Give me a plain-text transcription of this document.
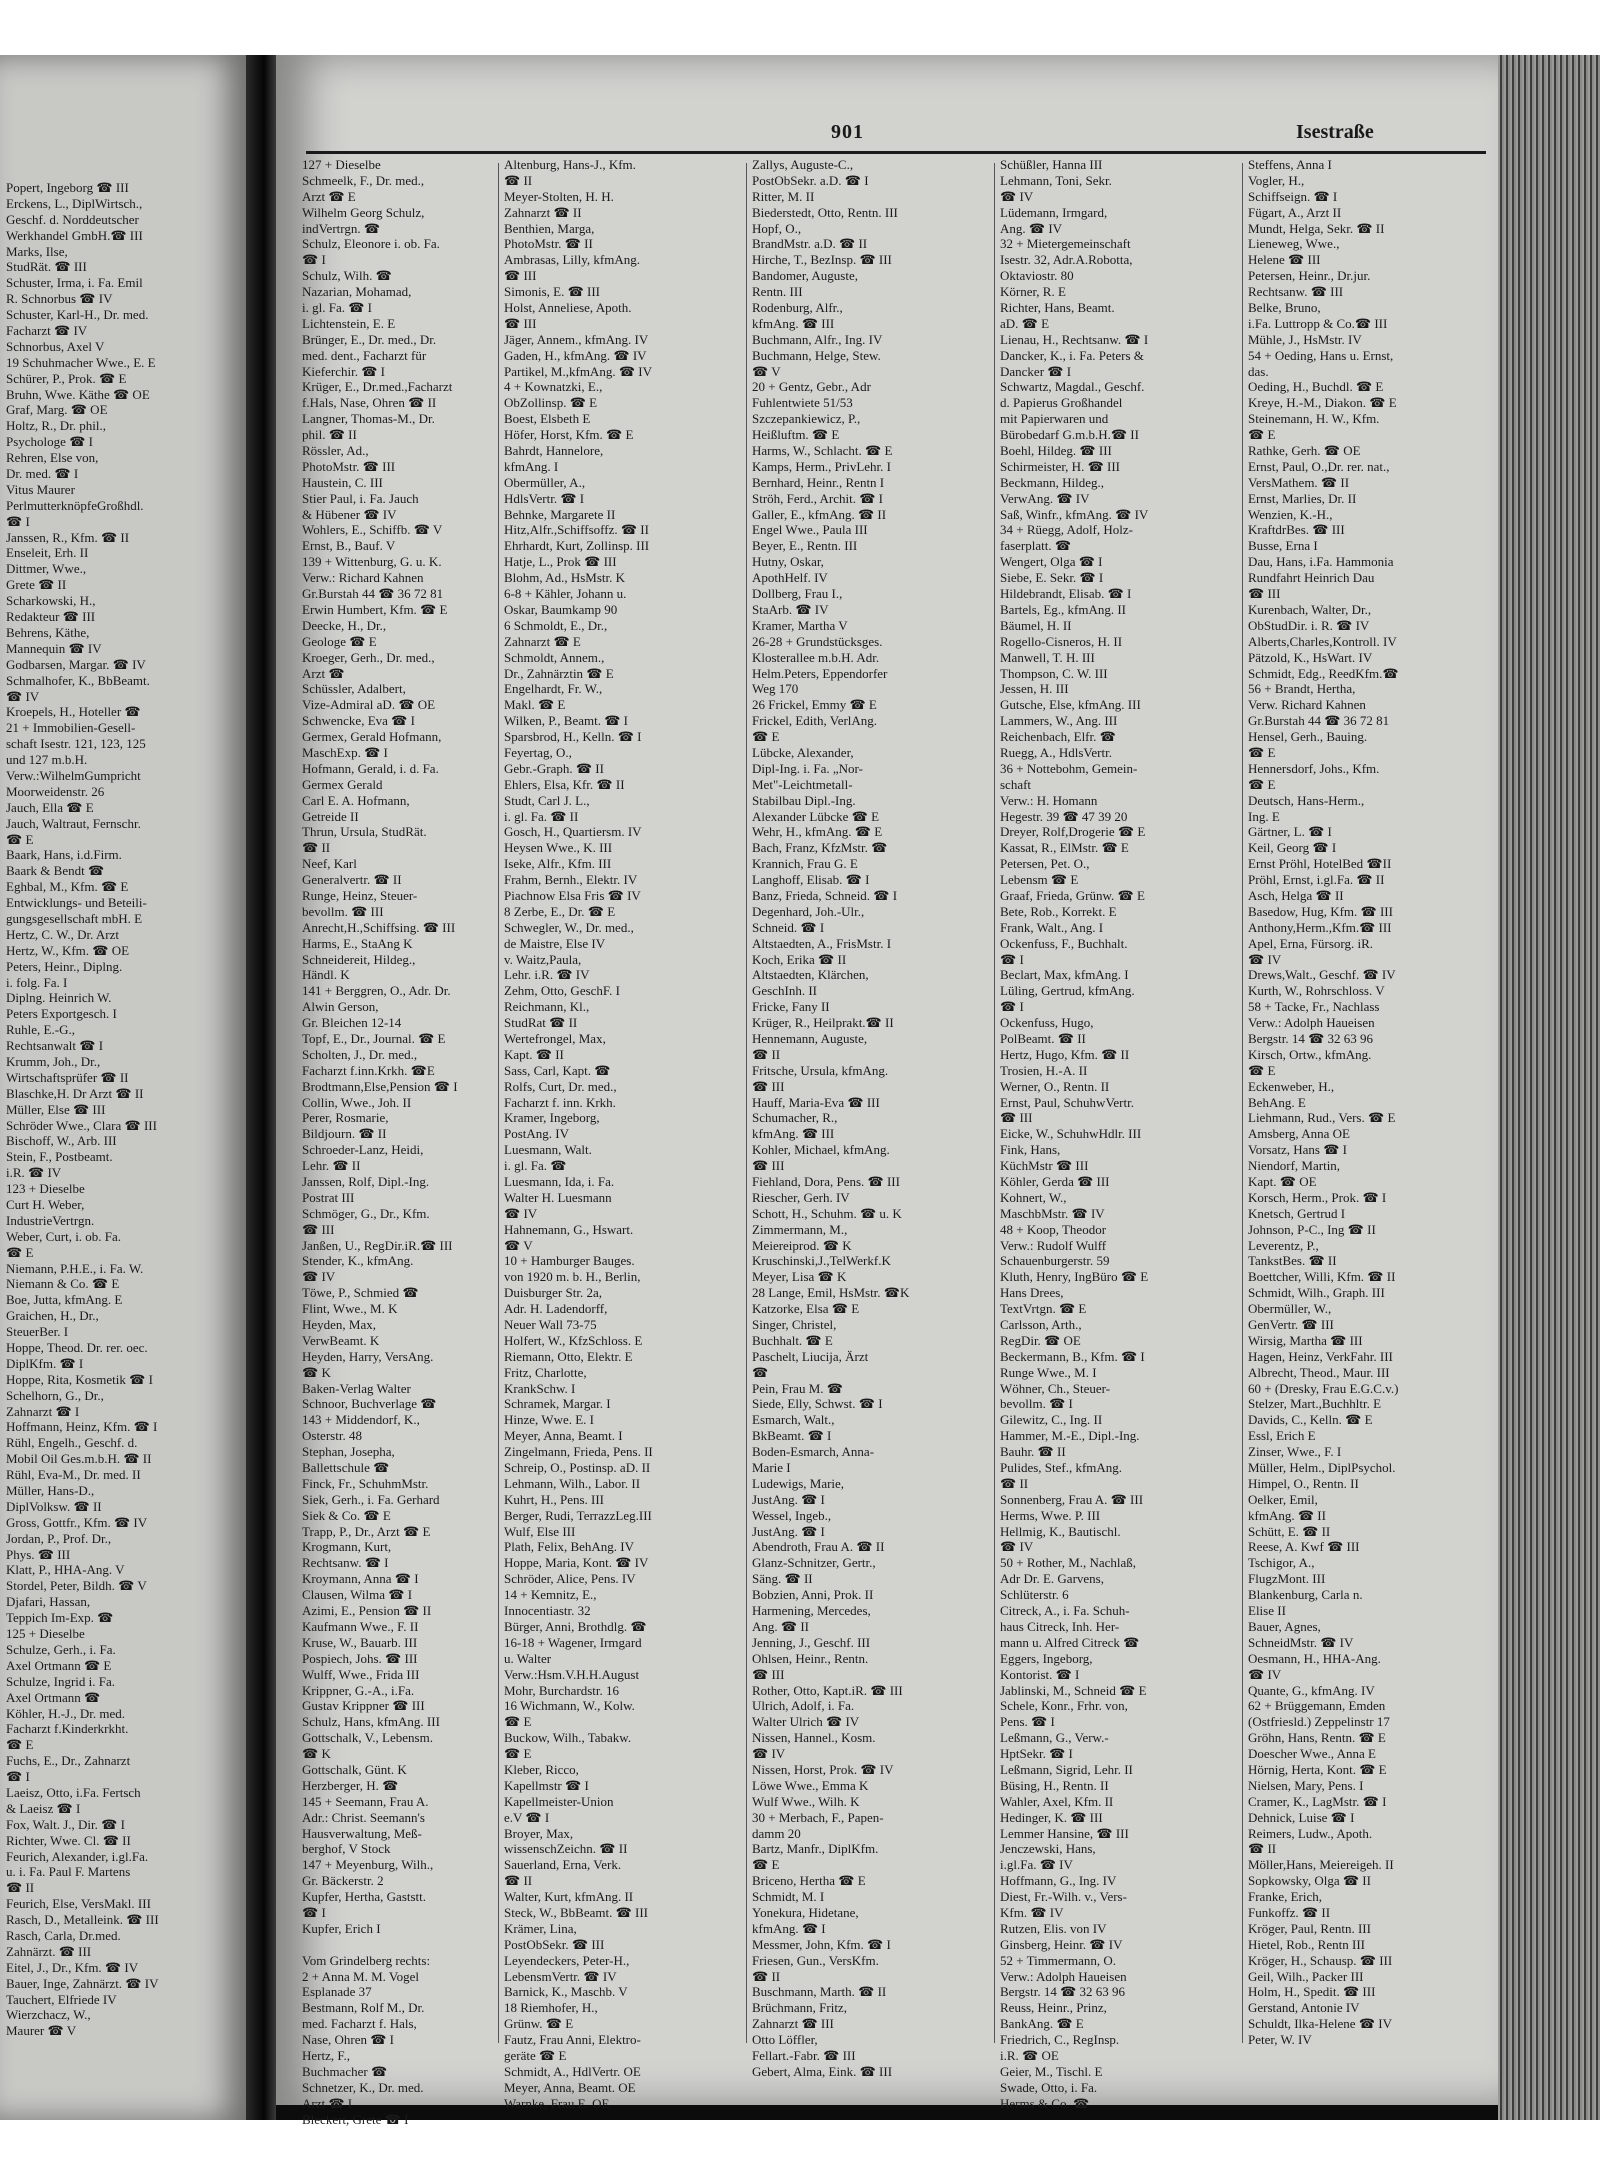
Popert, Ingeborg ☎ III
Erckens, L., DiplWirtsch.,
Geschf. d. Norddeutscher
Werkhandel GmbH.☎ III
Marks, Ilse,
StudRät. ☎ III
Schuster, Irma, i. Fa. Emil
R. Schnorbus ☎ IV
Schuster, Karl-H., Dr. med.
Facharzt ☎ IV
Schnorbus, Axel V
19 Schuhmacher Wwe., E. E
Schürer, P., Prok. ☎ E
Bruhn, Wwe. Käthe ☎ OE
Graf, Marg. ☎ OE
Holtz, R., Dr. phil.,
Psychologe ☎ I
Rehren, Else von,
Dr. med. ☎ I
Vitus Maurer
PerlmutterknöpfeGroßhdl.
☎ I
Janssen, R., Kfm. ☎ II
Enseleit, Erh. II
Dittmer, Wwe.,
Grete ☎ II
Scharkowski, H.,
Redakteur ☎ III
Behrens, Käthe,
Mannequin ☎ IV
Godbarsen, Margar. ☎ IV
Schmalhofer, K., BbBeamt.
☎ IV
Kroepels, H., Hoteller ☎
21 + Immobilien-Gesell-
schaft Isestr. 121, 123, 125
und 127 m.b.H.
Verw.:WilhelmGumpricht
Moorweidenstr. 26
Jauch, Ella ☎ E
Jauch, Waltraut, Fernschr.
☎ E
Baark, Hans, i.d.Firm.
Baark & Bendt ☎
Eghbal, M., Kfm. ☎ E
Entwicklungs- und Beteili-
gungsgesellschaft mbH. E
Hertz, C. W., Dr. Arzt
Hertz, W., Kfm. ☎ OE
Peters, Heinr., Diplng.
i. folg. Fa. I
Diplng. Heinrich W.
Peters Exportgesch. I
Ruhle, E.-G.,
Rechtsanwalt ☎ I
Krumm, Joh., Dr.,
Wirtschaftsprüfer ☎ II
Blaschke,H. Dr Arzt ☎ II
Müller, Else ☎ III
Schröder Wwe., Clara ☎ III
Bischoff, W., Arb. III
Stein, F., Postbeamt.
i.R. ☎ IV
123 + Dieselbe
Curt H. Weber,
IndustrieVertrgn.
Weber, Curt, i. ob. Fa.
☎ E
Niemann, P.H.E., i. Fa. W.
Niemann & Co. ☎ E
Boe, Jutta, kfmAng. E
Graichen, H., Dr.,
SteuerBer. I
Hoppe, Theod. Dr. rer. oec.
DiplKfm. ☎ I
Hoppe, Rita, Kosmetik ☎ I
Schelhorn, G., Dr.,
Zahnarzt ☎ I
Hoffmann, Heinz, Kfm. ☎ I
Rühl, Engelh., Geschf. d.
Mobil Oil Ges.m.b.H. ☎ II
Rühl, Eva-M., Dr. med. II
Müller, Hans-D.,
DiplVolksw. ☎ II
Gross, Gottfr., Kfm. ☎ IV
Jordan, P., Prof. Dr.,
Phys. ☎ III
Klatt, P., HHA-Ang. V
Stordel, Peter, Bildh. ☎ V
Djafari, Hassan,
Teppich Im-Exp. ☎
125 + Dieselbe
Schulze, Gerh., i. Fa.
Axel Ortmann ☎ E
Schulze, Ingrid i. Fa.
Axel Ortmann ☎
Köhler, H.-J., Dr. med.
Facharzt f.Kinderkrkht.
☎ E
Fuchs, E., Dr., Zahnarzt
☎ I
Laeisz, Otto, i.Fa. Fertsch
& Laeisz ☎ I
Fox, Walt. J., Dir. ☎ I
Richter, Wwe. Cl. ☎ II
Feurich, Alexander, i.gl.Fa.
u. i. Fa. Paul F. Martens
☎ II
Feurich, Else, VersMakl. III
Rasch, D., Metalleink. ☎ III
Rasch, Carla, Dr.med.
Zahnärzt. ☎ III
Eitel, J., Dr., Kfm. ☎ IV
Bauer, Inge, Zahnärzt. ☎ IV
Tauchert, Elfriede IV
Wierzchacz, W.,
Maurer ☎ V
901	Isestraße
127 + Dieselbe
Schmeelk, F., Dr. med.,
Arzt ☎ E
Wilhelm Georg Schulz,
indVertrgn. ☎
Schulz, Eleonore i. ob. Fa.
☎ I
Schulz, Wilh. ☎
Nazarian, Mohamad,
i. gl. Fa. ☎ I
Lichtenstein, E. E
Brünger, E., Dr. med., Dr.
med. dent., Facharzt für
Kieferchir. ☎ I
Krüger, E., Dr.med.,Facharzt
f.Hals, Nase, Ohren ☎ II
Langner, Thomas-M., Dr.
phil. ☎ II
Rössler, Ad.,
PhotoMstr. ☎ III
Haustein, C. III
Stier Paul, i. Fa. Jauch
& Hübener ☎ IV
Wohlers, E., Schiffb. ☎ V
Ernst, B., Bauf. V
139 + Wittenburg, G. u. K.
Verw.: Richard Kahnen
Gr.Burstah 44 ☎ 36 72 81
Erwin Humbert, Kfm. ☎ E
Deecke, H., Dr.,
Geologe ☎ E
Kroeger, Gerh., Dr. med.,
Arzt ☎
Schüssler, Adalbert,
Vize-Admiral aD. ☎ OE
Schwencke, Eva ☎ I
Germex, Gerald Hofmann,
MaschExp. ☎ I
Hofmann, Gerald, i. d. Fa.
Germex Gerald
Carl E. A. Hofmann,
Getreide II
Thrun, Ursula, StudRät.
☎ II
Neef, Karl
Generalvertr. ☎ II
Runge, Heinz, Steuer-
bevollm. ☎ III
Anrecht,H.,Schiffsing. ☎ III
Harms, E., StaAng K
Schneidereit, Hildeg.,
Händl. K
141 + Berggren, O., Adr. Dr.
Alwin Gerson,
Gr. Bleichen 12-14
Topf, E., Dr., Journal. ☎ E
Scholten, J., Dr. med.,
Facharzt f.inn.Krkh. ☎E
Brodtmann,Else,Pension ☎ I
Collin, Wwe., Joh. II
Perer, Rosmarie,
Bildjourn. ☎ II
Schroeder-Lanz, Heidi,
Lehr. ☎ II
Janssen, Rolf, Dipl.-Ing.
Postrat III
Schmöger, G., Dr., Kfm.
☎ III
Janßen, U., RegDir.iR.☎ III
Stender, K., kfmAng.
☎ IV
Töwe, P., Schmied ☎
Flint, Wwe., M. K
Heyden, Max,
VerwBeamt. K
Heyden, Harry, VersAng.
☎ K
Baken-Verlag Walter
Schnoor, Buchverlage ☎
143 + Middendorf, K.,
Osterstr. 48
Stephan, Josepha,
Ballettschule ☎
Finck, Fr., SchuhmMstr.
Siek, Gerh., i. Fa. Gerhard
Siek & Co. ☎ E
Trapp, P., Dr., Arzt ☎ E
Krogmann, Kurt,
Rechtsanw. ☎ I
Kroymann, Anna ☎ I
Clausen, Wilma ☎ I
Azimi, E., Pension ☎ II
Kaufmann Wwe., F. II
Kruse, W., Bauarb. III
Pospiech, Johs. ☎ III
Wulff, Wwe., Frida III
Krippner, G.-A., i.Fa.
Gustav Krippner ☎ III
Schulz, Hans, kfmAng. III
Gottschalk, V., Lebensm.
☎ K
Gottschalk, Günt. K
Herzberger, H. ☎
145 + Seemann, Frau A.
Adr.: Christ. Seemann's
Hausverwaltung, Meß-
berghof, V Stock
147 + Meyenburg, Wilh.,
Gr. Bäckerstr. 2
Kupfer, Hertha, Gaststt.
☎ I
Kupfer, Erich I
Vom Grindelberg rechts:
2 + Anna M. M. Vogel
Esplanade 37
Bestmann, Rolf M., Dr.
med. Facharzt f. Hals,
Nase, Ohren ☎ I
Hertz, F.,
Buchmacher ☎
Schnetzer, K., Dr. med.
Arzt ☎ I
Bleckert, Grete ☎ I
Altenburg, Hans-J., Kfm.
☎ II
Meyer-Stolten, H. H.
Zahnarzt ☎ II
Benthien, Marga,
PhotoMstr. ☎ II
Ambrasas, Lilly, kfmAng.
☎ III
Simonis, E. ☎ III
Holst, Anneliese, Apoth.
☎ III
Jäger, Annem., kfmAng. IV
Gaden, H., kfmAng. ☎ IV
Partikel, M.,kfmAng. ☎ IV
4 + Kownatzki, E.,
ObZollinsp. ☎ E
Boest, Elsbeth E
Höfer, Horst, Kfm. ☎ E
Bahrdt, Hannelore,
kfmAng. I
Obermüller, A.,
HdlsVertr. ☎ I
Behnke, Margarete II
Hitz,Alfr.,Schiffsoffz. ☎ II
Ehrhardt, Kurt, Zollinsp. III
Hatje, L., Prok ☎ III
Blohm, Ad., HsMstr. K
6-8 + Kähler, Johann u.
Oskar, Baumkamp 90
6 Schmoldt, E., Dr.,
Zahnarzt ☎ E
Schmoldt, Annem.,
Dr., Zahnärztin ☎ E
Engelhardt, Fr. W.,
Makl. ☎ E
Wilken, P., Beamt. ☎ I
Sparsbrod, H., Kelln. ☎ I
Feyertag, O.,
Gebr.-Graph. ☎ II
Ehlers, Elsa, Kfr. ☎ II
Studt, Carl J. L.,
i. gl. Fa. ☎ II
Gosch, H., Quartiersm. IV
Heysen Wwe., K. III
Iseke, Alfr., Kfm. III
Frahm, Bernh., Elektr. IV
Piachnow Elsa Fris ☎ IV
8 Zerbe, E., Dr. ☎ E
Schwegler, W., Dr. med.,
de Maistre, Else IV
v. Waitz,Paula,
Lehr. i.R. ☎ IV
Zehm, Otto, GeschF. I
Reichmann, Kl.,
StudRat ☎ II
Wertefrongel, Max,
Kapt. ☎ II
Sass, Carl, Kapt. ☎
Rolfs, Curt, Dr. med.,
Facharzt f. inn. Krkh.
Kramer, Ingeborg,
PostAng. IV
Luesmann, Walt.
i. gl. Fa. ☎
Luesmann, Ida, i. Fa.
Walter H. Luesmann
☎ IV
Hahnemann, G., Hswart.
☎ V
10 + Hamburger Bauges.
von 1920 m. b. H., Berlin,
Duisburger Str. 2a,
Adr. H. Ladendorff,
Neuer Wall 73-75
Holfert, W., KfzSchloss. E
Riemann, Otto, Elektr. E
Fritz, Charlotte,
KrankSchw. I
Schramek, Margar. I
Hinze, Wwe. E. I
Meyer, Anna, Beamt. I
Zingelmann, Frieda, Pens. II
Schreip, O., Postinsp. aD. II
Lehmann, Wilh., Labor. II
Kuhrt, H., Pens. III
Berger, Rudi, TerrazzLeg.III
Wulf, Else III
Plath, Felix, BehAng. IV
Hoppe, Maria, Kont. ☎ IV
Schröder, Alice, Pens. IV
14 + Kemnitz, E.,
Innocentiastr. 32
Bürger, Anni, Brothdlg. ☎
16-18 + Wagener, Irmgard
u. Walter
Verw.:Hsm.V.H.H.August
Mohr, Burchardstr. 16
16 Wichmann, W., Kolw.
☎ E
Buckow, Wilh., Tabakw.
☎ E
Kleber, Ricco,
Kapellmstr ☎ I
Kapellmeister-Union
e.V ☎ I
Broyer, Max,
wissenschZeichn. ☎ II
Sauerland, Erna, Verk.
☎ II
Walter, Kurt, kfmAng. II
Steck, W., BbBeamt. ☎ III
Krämer, Lina,
PostObSekr. ☎ III
Leyendeckers, Peter-H.,
LebensmVertr. ☎ IV
Barnick, K., Maschb. V
18 Riemhofer, H.,
Grünw. ☎ E
Fautz, Frau Anni, Elektro-
geräte ☎ E
Schmidt, A., HdlVertr. OE
Meyer, Anna, Beamt. OE
Warnke, Frau E. OE
Zallys, Auguste-C.,
PostObSekr. a.D. ☎ I
Ritter, M. II
Biederstedt, Otto, Rentn. III
Hopf, O.,
BrandMstr. a.D. ☎ II
Hirche, T., BezInsp. ☎ III
Bandomer, Auguste,
Rentn. III
Rodenburg, Alfr.,
kfmAng. ☎ III
Buchmann, Alfr., Ing. IV
Buchmann, Helge, Stew.
☎ V
20 + Gentz, Gebr., Adr
Fuhlentwiete 51/53
Szczepankiewicz, P.,
Heißluftm. ☎ E
Harms, W., Schlacht. ☎ E
Kamps, Herm., PrivLehr. I
Bernhard, Heinr., Rentn I
Ströh, Ferd., Archit. ☎ I
Galler, E., kfmAng. ☎ II
Engel Wwe., Paula III
Beyer, E., Rentn. III
Hutny, Oskar,
ApothHelf. IV
Dollberg, Frau I.,
StaArb. ☎ IV
Kramer, Martha V
26-28 + Grundstücksges.
Klosterallee m.b.H. Adr.
Helm.Peters, Eppendorfer
Weg 170
26 Frickel, Emmy ☎ E
Frickel, Edith, VerlAng.
☎ E
Lübcke, Alexander,
Dipl-Ing. i. Fa. „Nor-
Met"-Leichtmetall-
Stabilbau Dipl.-Ing.
Alexander Lübcke ☎ E
Wehr, H., kfmAng. ☎ E
Bach, Franz, KfzMstr. ☎
Krannich, Frau G. E
Langhoff, Elisab. ☎ I
Banz, Frieda, Schneid. ☎ I
Degenhard, Joh.-Ulr.,
Schneid. ☎ I
Altstaedten, A., FrisMstr. I
Koch, Erika ☎ II
Altstaedten, Klärchen,
GeschInh. II
Fricke, Fany II
Krüger, R., Heilprakt.☎ II
Hennemann, Auguste,
☎ II
Fritsche, Ursula, kfmAng.
☎ III
Hauff, Maria-Eva ☎ III
Schumacher, R.,
kfmAng. ☎ III
Kohler, Michael, kfmAng.
☎ III
Fiehland, Dora, Pens. ☎ III
Riescher, Gerh. IV
Schott, H., Schuhm. ☎ u. K
Zimmermann, M.,
Meiereiprod. ☎ K
Kruschinski,J.,TelWerkf.K
Meyer, Lisa ☎ K
28 Lange, Emil, HsMstr. ☎K
Katzorke, Elsa ☎ E
Singer, Christel,
Buchhalt. ☎ E
Paschelt, Liucija, Ärzt
☎
Pein, Frau M. ☎
Siede, Elly, Schwst. ☎ I
Esmarch, Walt.,
BkBeamt. ☎ I
Boden-Esmarch, Anna-
Marie I
Ludewigs, Marie,
JustAng. ☎ I
Wessel, Ingeb.,
JustAng. ☎ I
Abendroth, Frau A. ☎ II
Glanz-Schnitzer, Gertr.,
Säng. ☎ II
Bobzien, Anni, Prok. II
Harmening, Mercedes,
Ang. ☎ II
Jenning, J., Geschf. III
Ohlsen, Heinr., Rentn.
☎ III
Rother, Otto, Kapt.iR. ☎ III
Ulrich, Adolf, i. Fa.
Walter Ulrich ☎ IV
Nissen, Hannel., Kosm.
☎ IV
Nissen, Horst, Prok. ☎ IV
Löwe Wwe., Emma K
Wulf Wwe., Wilh. K
30 + Merbach, F., Papen-
damm 20
Bartz, Manfr., DiplKfm.
☎ E
Briceno, Hertha ☎ E
Schmidt, M. I
Yonekura, Hidetane,
kfmAng. ☎ I
Messmer, John, Kfm. ☎ I
Friesen, Gun., VersKfm.
☎ II
Buschmann, Marth. ☎ II
Brüchmann, Fritz,
Zahnarzt ☎ III
Otto Löffler,
Fellart.-Fabr. ☎ III
Gebert, Alma, Eink. ☎ III
Schüßler, Hanna III
Lehmann, Toni, Sekr.
☎ IV
Lüdemann, Irmgard,
Ang. ☎ IV
32 + Mietergemeinschaft
Isestr. 32, Adr.A.Robotta,
Oktaviostr. 80
Körner, R. E
Richter, Hans, Beamt.
aD. ☎ E
Lienau, H., Rechtsanw. ☎ I
Dancker, K., i. Fa. Peters &
Dancker ☎ I
Schwartz, Magdal., Geschf.
d. Papierus Großhandel
mit Papierwaren und
Bürobedarf G.m.b.H.☎ II
Boehl, Hildeg. ☎ III
Schirmeister, H. ☎ III
Beckmann, Hildeg.,
VerwAng. ☎ IV
Saß, Winfr., kfmAng. ☎ IV
34 + Rüegg, Adolf, Holz-
faserplatt. ☎
Wengert, Olga ☎ I
Siebe, E. Sekr. ☎ I
Hildebrandt, Elisab. ☎ I
Bartels, Eg., kfmAng. II
Bäumel, H. II
Rogello-Cisneros, H. II
Manwell, T. H. III
Thompson, C. W. III
Jessen, H. III
Gutsche, Else, kfmAng. III
Lammers, W., Ang. III
Reichenbach, Elfr. ☎
Ruegg, A., HdlsVertr.
36 + Nottebohm, Gemein-
schaft
Verw.: H. Homann
Hegestr. 39 ☎ 47 39 20
Dreyer, Rolf,Drogerie ☎ E
Kassat, R., ElMstr. ☎ E
Petersen, Pet. O.,
Lebensm ☎ E
Graaf, Frieda, Grünw. ☎ E
Bete, Rob., Korrekt. E
Frank, Walt., Ang. I
Ockenfuss, F., Buchhalt.
☎ I
Beclart, Max, kfmAng. I
Lüling, Gertrud, kfmAng.
☎ I
Ockenfuss, Hugo,
PolBeamt. ☎ II
Hertz, Hugo, Kfm. ☎ II
Trosien, H.-A. II
Werner, O., Rentn. II
Ernst, Paul, SchuhwVertr.
☎ III
Eicke, W., SchuhwHdlr. III
Fink, Hans,
KüchMstr ☎ III
Köhler, Gerda ☎ III
Kohnert, W.,
MaschbMstr. ☎ IV
48 + Koop, Theodor
Verw.: Rudolf Wulff
Schauenburgerstr. 59
Kluth, Henry, IngBüro ☎ E
Hans Drees,
TextVrtgn. ☎ E
Carlsson, Arth.,
RegDir. ☎ OE
Beckermann, B., Kfm. ☎ I
Runge Wwe., M. I
Wöhner, Ch., Steuer-
bevollm. ☎ I
Gilewitz, C., Ing. II
Hammer, M.-E., Dipl.-Ing.
Bauhr. ☎ II
Pulides, Stef., kfmAng.
☎ II
Sonnenberg, Frau A. ☎ III
Herms, Wwe. P. III
Hellmig, K., Bautischl.
☎ IV
50 + Rother, M., Nachlaß,
Adr Dr. E. Garvens,
Schlüterstr. 6
Citreck, A., i. Fa. Schuh-
haus Citreck, Inh. Her-
mann u. Alfred Citreck ☎
Eggers, Ingeborg,
Kontorist. ☎ I
Jablinski, M., Schneid ☎ E
Schele, Konr., Frhr. von,
Pens. ☎ I
Leßmann, G., Verw.-
HptSekr. ☎ I
Leßmann, Sigrid, Lehr. II
Büsing, H., Rentn. II
Wahler, Axel, Kfm. II
Hedinger, K. ☎ III
Lemmer Hansine, ☎ III
Jenczewski, Hans,
i.gl.Fa. ☎ IV
Hoffmann, G., Ing. IV
Diest, Fr.-Wilh. v., Vers-
Kfm. ☎ IV
Rutzen, Elis. von IV
Ginsberg, Heinr. ☎ IV
52 + Timmermann, O.
Verw.: Adolph Haueisen
Bergstr. 14 ☎ 32 63 96
Reuss, Heinr., Prinz,
BankAng. ☎ E
Friedrich, C., RegInsp.
i.R. ☎ OE
Geier, M., Tischl. E
Swade, Otto, i. Fa.
Herms & Co. ☎
Steffens, Anna I
Vogler, H.,
Schiffseign. ☎ I
Fügart, A., Arzt II
Mundt, Helga, Sekr. ☎ II
Lieneweg, Wwe.,
Helene ☎ III
Petersen, Heinr., Dr.jur.
Rechtsanw. ☎ III
Belke, Bruno,
i.Fa. Luttropp & Co.☎ III
Mühle, J., HsMstr. IV
54 + Oeding, Hans u. Ernst,
das.
Oeding, H., Buchdl. ☎ E
Kreye, H.-M., Diakon. ☎ E
Steinemann, H. W., Kfm.
☎ E
Rathke, Gerh. ☎ OE
Ernst, Paul, O.,Dr. rer. nat.,
VersMathem. ☎ II
Ernst, Marlies, Dr. II
Wenzien, K.-H.,
KraftdrBes. ☎ III
Busse, Erna I
Dau, Hans, i.Fa. Hammonia
Rundfahrt Heinrich Dau
☎ III
Kurenbach, Walter, Dr.,
ObStudDir. i. R. ☎ IV
Alberts,Charles,Kontroll. IV
Pätzold, K., HsWart. IV
Schmidt, Edg., ReedKfm.☎
56 + Brandt, Hertha,
Verw. Richard Kahnen
Gr.Burstah 44 ☎ 36 72 81
Hensel, Gerh., Bauing.
☎ E
Hennersdorf, Johs., Kfm.
☎ E
Deutsch, Hans-Herm.,
Ing. E
Gärtner, L. ☎ I
Keil, Georg ☎ I
Ernst Pröhl, HotelBed ☎II
Pröhl, Ernst, i.gl.Fa. ☎ II
Asch, Helga ☎ II
Basedow, Hug, Kfm. ☎ III
Anthony,Herm.,Kfm.☎ III
Apel, Erna, Fürsorg. iR.
☎ IV
Drews,Walt., Geschf. ☎ IV
Kurth, W., Rohrschloss. V
58 + Tacke, Fr., Nachlass
Verw.: Adolph Haueisen
Bergstr. 14 ☎ 32 63 96
Kirsch, Ortw., kfmAng.
☎ E
Eckenweber, H.,
BehAng. E
Liehmann, Rud., Vers. ☎ E
Amsberg, Anna OE
Vorsatz, Hans ☎ I
Niendorf, Martin,
Kapt. ☎ OE
Korsch, Herm., Prok. ☎ I
Knetsch, Gertrud I
Johnson, P-C., Ing ☎ II
Leverentz, P.,
TankstBes. ☎ II
Boettcher, Willi, Kfm. ☎ II
Schmidt, Wilh., Graph. III
Obermüller, W.,
GenVertr. ☎ III
Wirsig, Martha ☎ III
Hagen, Heinz, VerkFahr. III
Albrecht, Theod., Maur. III
60 + (Dresky, Frau E.G.C.v.)
Stelzer, Mart.,Buchhltr. E
Davids, C., Kelln. ☎ E
Essl, Erich E
Zinser, Wwe., F. I
Müller, Helm., DiplPsychol.
Himpel, O., Rentn. II
Oelker, Emil,
kfmAng. ☎ II
Schütt, E. ☎ II
Reese, A. Kwf ☎ III
Tschigor, A.,
FlugzMont. III
Blankenburg, Carla n.
Elise II
Bauer, Agnes,
SchneidMstr. ☎ IV
Oesmann, H., HHA-Ang.
☎ IV
Quante, G., kfmAng. IV
62 + Brüggemann, Emden
(Ostfriesld.) Zeppelinstr 17
Gröhn, Hans, Rentn. ☎ E
Doescher Wwe., Anna E
Hörnig, Herta, Kont. ☎ E
Nielsen, Mary, Pens. I
Cramer, K., LagMstr. ☎ I
Dehnick, Luise ☎ I
Reimers, Ludw., Apoth.
☎ II
Möller,Hans, Meiereigeh. II
Sopkowsky, Olga ☎ II
Franke, Erich,
Funkoffz. ☎ II
Kröger, Paul, Rentn. III
Hietel, Rob., Rentn III
Kröger, H., Schausp. ☎ III
Geil, Wilh., Packer III
Holm, H., Spedit. ☎ III
Gerstand, Antonie IV
Schuldt, Ilka-Helene ☎ IV
Peter, W. IV
